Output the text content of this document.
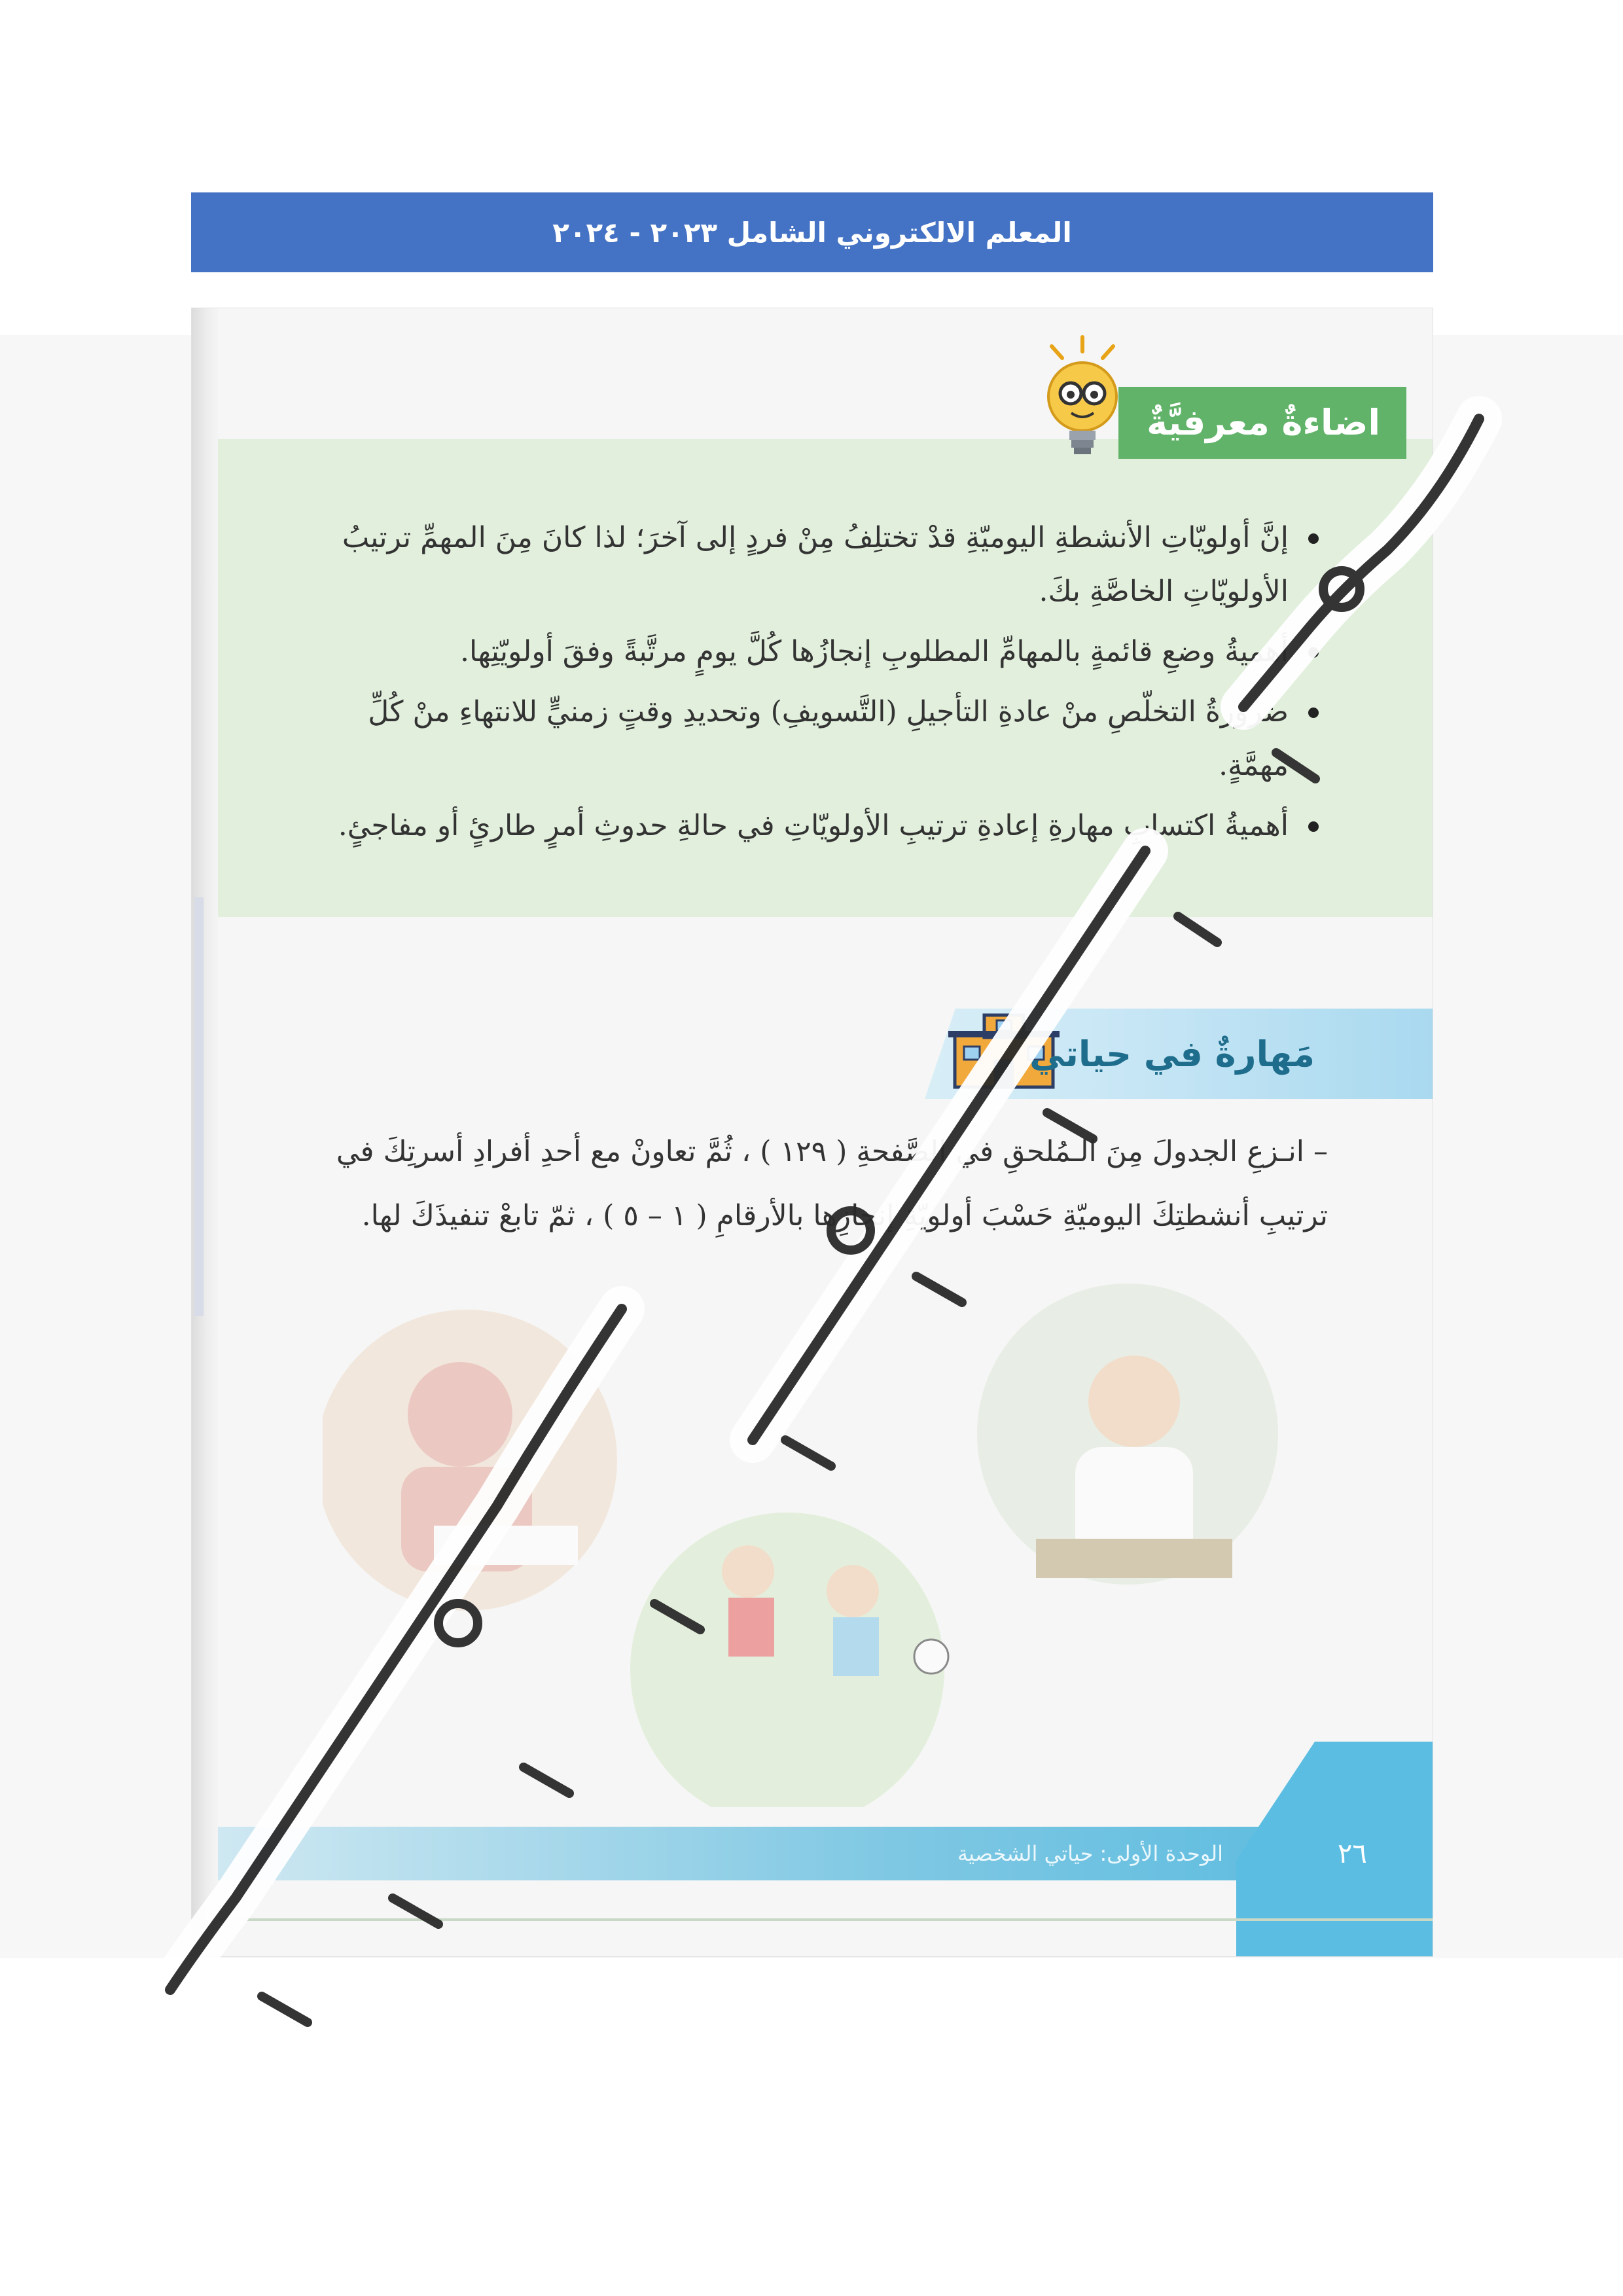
المعلم الالكتروني الشامل ٢٠٢٣ - ٢٠٢٤
اضاءةٌ معرفيَّةٌ
إنَّ أولويّاتِ الأنشطةِ اليوميّةِ قدْ تختلِفُ مِنْ فردٍ إلى آخرَ؛ لذا كانَ مِنَ المهمِّ ترتيبُ الأولويّاتِ الخاصَّةِ بكَ.
أهميةُ وضعِ قائمةٍ بالمهامِّ المطلوبِ إنجازُها كُلَّ يومٍ مرتَّبةً وفقَ أولويّتِها.
ضرورةُ التخلّصِ منْ عادةِ التأجيلِ (التَّسويفِ) وتحديدِ وقتٍ زمنيٍّ للانتهاءِ منْ كُلِّ مهمَّةٍ.
أهميةُ اكتسابِ مهارةِ إعادةِ ترتيبِ الأولويّاتِ في حالةِ حدوثِ أمرٍ طارئٍ أو مفاجئٍ.
مَهارةٌ في حياتي

– انـزعِ الجدولَ مِنَ الـمُلحقِ في الصَّفحةِ ( ١٢٩ ) ، ثُمَّ تعاونْ مع أحدِ أفرادِ أسرتِكَ في ترتيبِ أنشطتِكَ اليوميّةِ حَسْبَ أولويّةِ إنجازِها بالأرقامِ ( ١ – ٥ ) ، ثمّ تابعْ تنفيذَكَ لها.

الوحدة الأولى: حياتي الشخصية	٢٦
